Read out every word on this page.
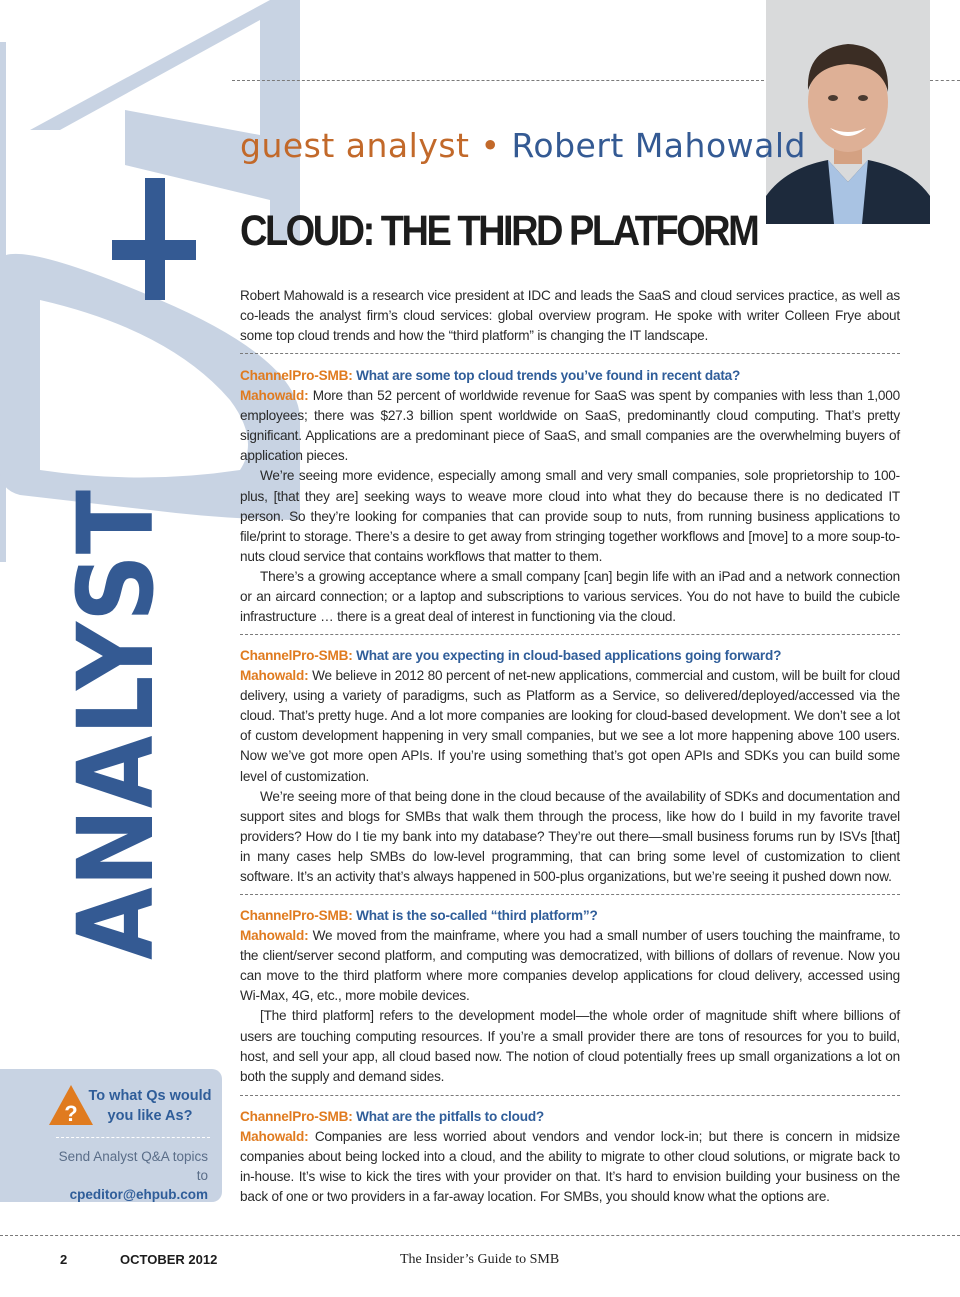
ANALYST
guest analyst • Robert Mahowald
CLOUD: THE THIRD PLATFORM

Robert Mahowald is a research vice president at IDC and leads the SaaS and cloud services practice, as well as co-leads the analyst firm’s cloud services: global overview program. He spoke with writer Colleen Frye about some top cloud trends and how the “third platform” is changing the IT landscape.

ChannelPro-SMB: What are some top cloud trends you’ve found in recent data?

Mahowald: More than 52 percent of worldwide revenue for SaaS was spent by companies with less than 1,000 employees; there was $27.3 billion spent worldwide on SaaS, predominantly cloud computing. That’s pretty significant. Applications are a predominant piece of SaaS, and small companies are the overwhelming buyers of application pieces.

We’re seeing more evidence, especially among small and very small companies, sole proprietorship to 100-plus, [that they are] seeking ways to weave more cloud into what they do because there is no dedicated IT person. So they’re looking for companies that can provide soup to nuts, from running business applications to file/print to storage. There’s a desire to get away from stringing together workflows and [move] to a more soup-to-nuts cloud service that contains workflows that matter to them.

There’s a growing acceptance where a small company [can] begin life with an iPad and a network connection or an aircard connection; or a laptop and subscriptions to various services. You do not have to build the cubicle infrastructure … there is a great deal of interest in functioning via the cloud.

ChannelPro-SMB: What are you expecting in cloud-based applications going forward?

Mahowald: We believe in 2012 80 percent of net-new applications, commercial and custom, will be built for cloud delivery, using a variety of paradigms, such as Platform as a Service, so delivered/deployed/accessed via the cloud. That’s pretty huge. And a lot more companies are looking for cloud-based development. We don’t see a lot of custom development happening in very small companies, but we see a lot more happening above 100 users. Now we’ve got more open APIs. If you’re using something that’s got open APIs and SDKs you can build some level of customization.

We’re seeing more of that being done in the cloud because of the availability of SDKs and documentation and support sites and blogs for SMBs that walk them through the process, like how do I build in my favorite travel providers? How do I tie my bank into my database? They’re out there—small business forums run by ISVs [that] in many cases help SMBs do low-level programming, that can bring some level of customization to client software. It’s an activity that’s always happened in 500-plus organizations, but we’re seeing it pushed down now.

ChannelPro-SMB: What is the so-called “third platform”?

Mahowald: We moved from the mainframe, where you had a small number of users touching the mainframe, to the client/server second platform, and computing was democratized, with billions of dollars of revenue. Now you can move to the third platform where more companies develop applications for cloud delivery, accessed using Wi-Max, 4G, etc., more mobile devices.

[The third platform] refers to the development model—the whole order of magnitude shift where billions of users are touching computing resources. If you’re a small provider there are tons of resources for you to build, host, and sell your app, all cloud based now. The notion of cloud potentially frees up small organizations a lot on both the supply and demand sides.

ChannelPro-SMB: What are the pitfalls to cloud?

Mahowald: Companies are less worried about vendors and vendor lock-in; but there is concern in midsize companies about being locked into a cloud, and the ability to migrate to other cloud solutions, or migrate back to in-house. It’s wise to kick the tires with your provider on that. It’s hard to envision building your business on the back of one or two providers in a far-away location. For SMBs, you should know what the options are.

?
To what Qs would
you like As?
Send Analyst Q&A topics
to
cpeditor@ehpub.com
2	OCTOBER 2012	The Insider’s Guide to SMB
